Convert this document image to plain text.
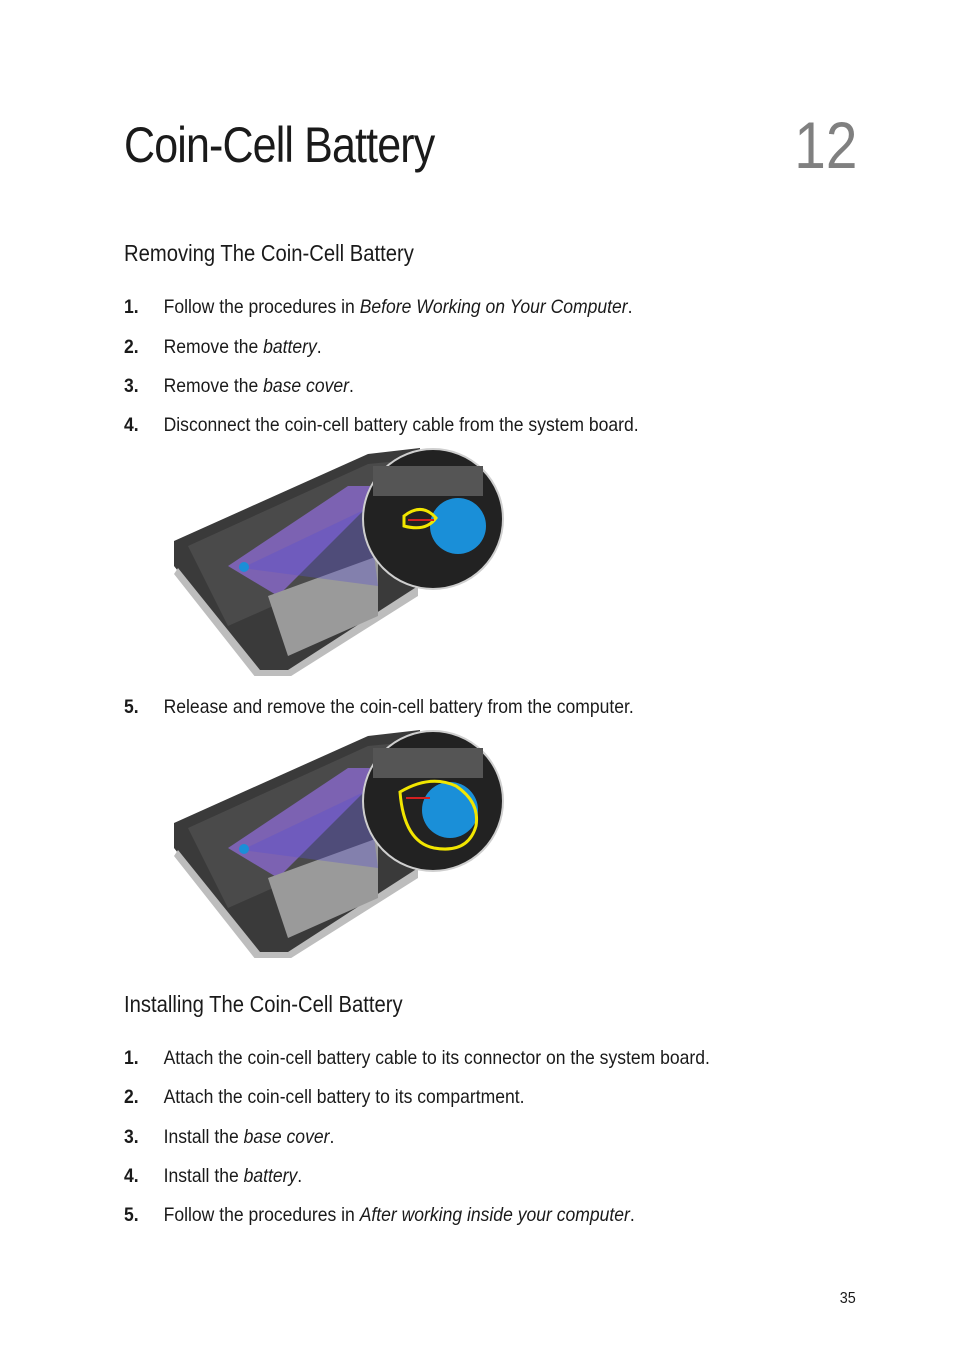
Coin-Cell Battery	12
Removing The Coin-Cell Battery
1. Follow the procedures in Before Working on Your Computer.
2. Remove the battery.
3. Remove the base cover.
4. Disconnect the coin-cell battery cable from the system board.
5. Release and remove the coin-cell battery from the computer.
Installing The Coin-Cell Battery
1. Attach the coin-cell battery cable to its connector on the system board.
2. Attach the coin-cell battery to its compartment.
3. Install the base cover.
4. Install the battery.
5. Follow the procedures in After working inside your computer.
35
